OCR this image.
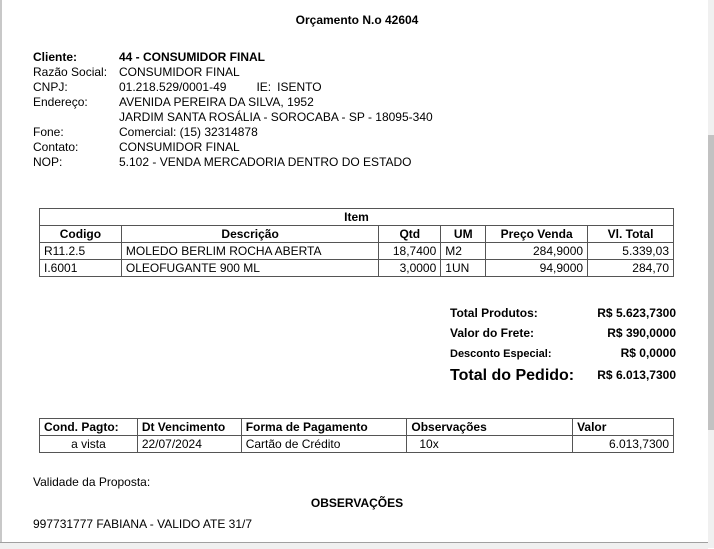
Orçamento N.o 42604
Cliente:	44 - CONSUMIDOR FINAL
Razão Social: CONSUMIDOR FINAL
CNPJ:	01.218.529/0001-49	IE: ISENTO
Endereço:	AVENIDA PEREIRA DA SILVA, 1952
JARDIM SANTA ROSÁLIA - SOROCABA - SP - 18095-340
Fone:	Comercial: (15) 32314878
Contato:	CONSUMIDOR FINAL
NOP:	5.102 - VENDA MERCADORIA DENTRO DO ESTADO
Item					
Codigo	Descrição	Qtd	UM	Preço Venda	Vl. Total
R11.2.5	MOLEDO BERLIM ROCHA ABERTA	18,7400	M2	284,9000	5.339,03
I.6001	OLEOFUGANTE 900 ML	3,0000	1UN	94,9000	284,70
Total Produtos:	R$ 5.623,7300
Valor do Frete:	R$ 390,0000
Desconto Especial:	R$ 0,0000
Total do Pedido: R$ 6.013,7300
Cond. Pagto:	Dt Vencimento	Forma de Pagamento	Observações	Valor
a vista	22/07/2024	Cartão de Crédito	10x	6.013,7300
Validade da Proposta:
OBSERVAÇÕES
997731777 FABIANA - VALIDO ATE 31/7
